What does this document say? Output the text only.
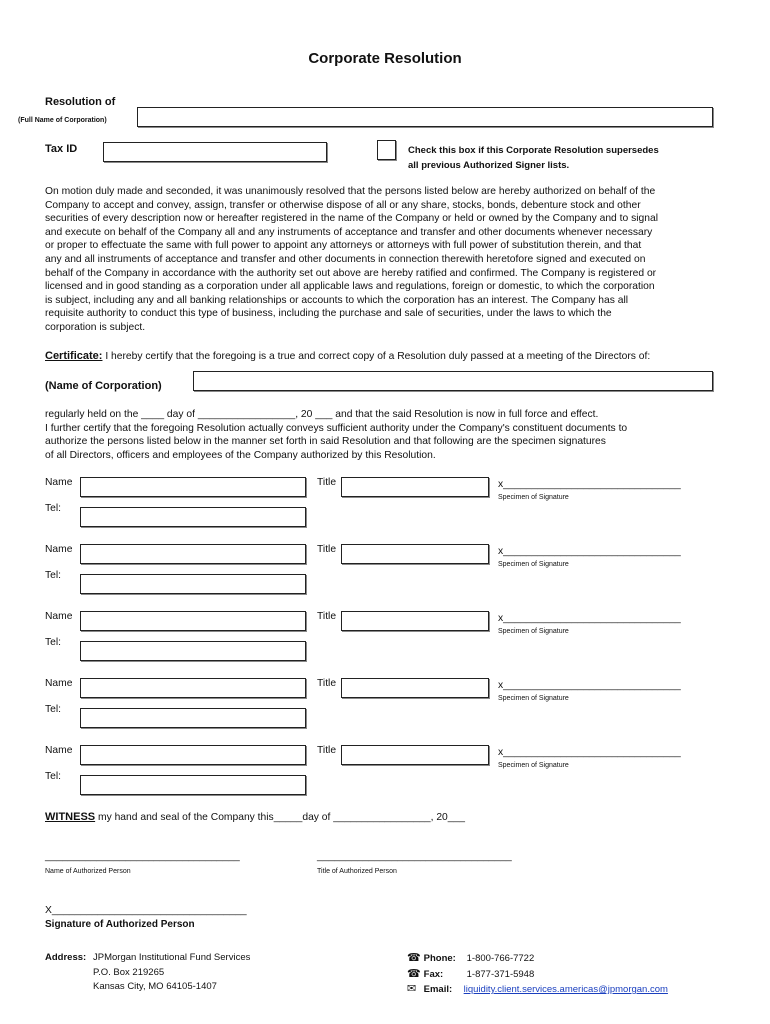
Corporate Resolution
Resolution of
(Full Name of Corporation)
Tax ID	Check this box if this Corporate Resolution supersedes
all previous Authorized Signer lists.
On motion duly made and seconded, it was unanimously resolved that the persons listed below are hereby authorized on behalf of the
Company to accept and convey, assign, transfer or otherwise dispose of all or any share, stocks, bonds, debenture stock and other
securities of every description now or hereafter registered in the name of the Company or held or owned by the Company and to signal
and execute on behalf of the Company all and any instruments of acceptance and transfer and other documents whenever necessary
or proper to effectuate the same with full power to appoint any attorneys or attorneys with full power of substitution therein, and that
any and all instruments of acceptance and transfer and other documents in connection therewith heretofore signed and executed on
behalf of the Company in accordance with the authority set out above are hereby ratified and confirmed. The Company is registered or
licensed and in good standing as a corporation under all applicable laws and regulations, foreign or domestic, to which the corporation
is subject, including any and all banking relationships or accounts to which the corporation has an interest. The Company has all
requisite authority to conduct this type of business, including the purchase and sale of securities, under the laws to which the
corporation is subject.
Certificate: I hereby certify that the foregoing is a true and correct copy of a Resolution duly passed at a meeting of the Directors of:
(Name of Corporation)
regularly held on the ____ day of _________________, 20 ___ and that the said Resolution is now in full force and effect.
I further certify that the foregoing Resolution actually conveys sufficient authority under the Company's constituent documents to
authorize the persons listed below in the manner set forth in said Resolution and that following are the specimen signatures
of all Directors, officers and employees of the Company authorized by this Resolution.
Name	Title	x_______________________________
Specimen of Signature
Tel:
Name	Title	x_______________________________
Specimen of Signature
Tel:
Name	Title	x_______________________________
Specimen of Signature
Tel:
Name	Title	x_______________________________
Specimen of Signature
Tel:
Name	Title	x_______________________________
Specimen of Signature
Tel:
WITNESS my hand and seal of the Company this_____day of _________________, 20___
__________________________________
Name of Authorized Person
__________________________________
Title of Authorized Person
X__________________________________
Signature of Authorized Person
Address: JPMorgan Institutional Fund Services
P.O. Box 219265
Kansas City, MO 64105-1407
☎ Phone: 1-800-766-7722
☎ Fax: 1-877-371-5948
✉ Email: liquidity.client.services.americas@jpmorgan.com
